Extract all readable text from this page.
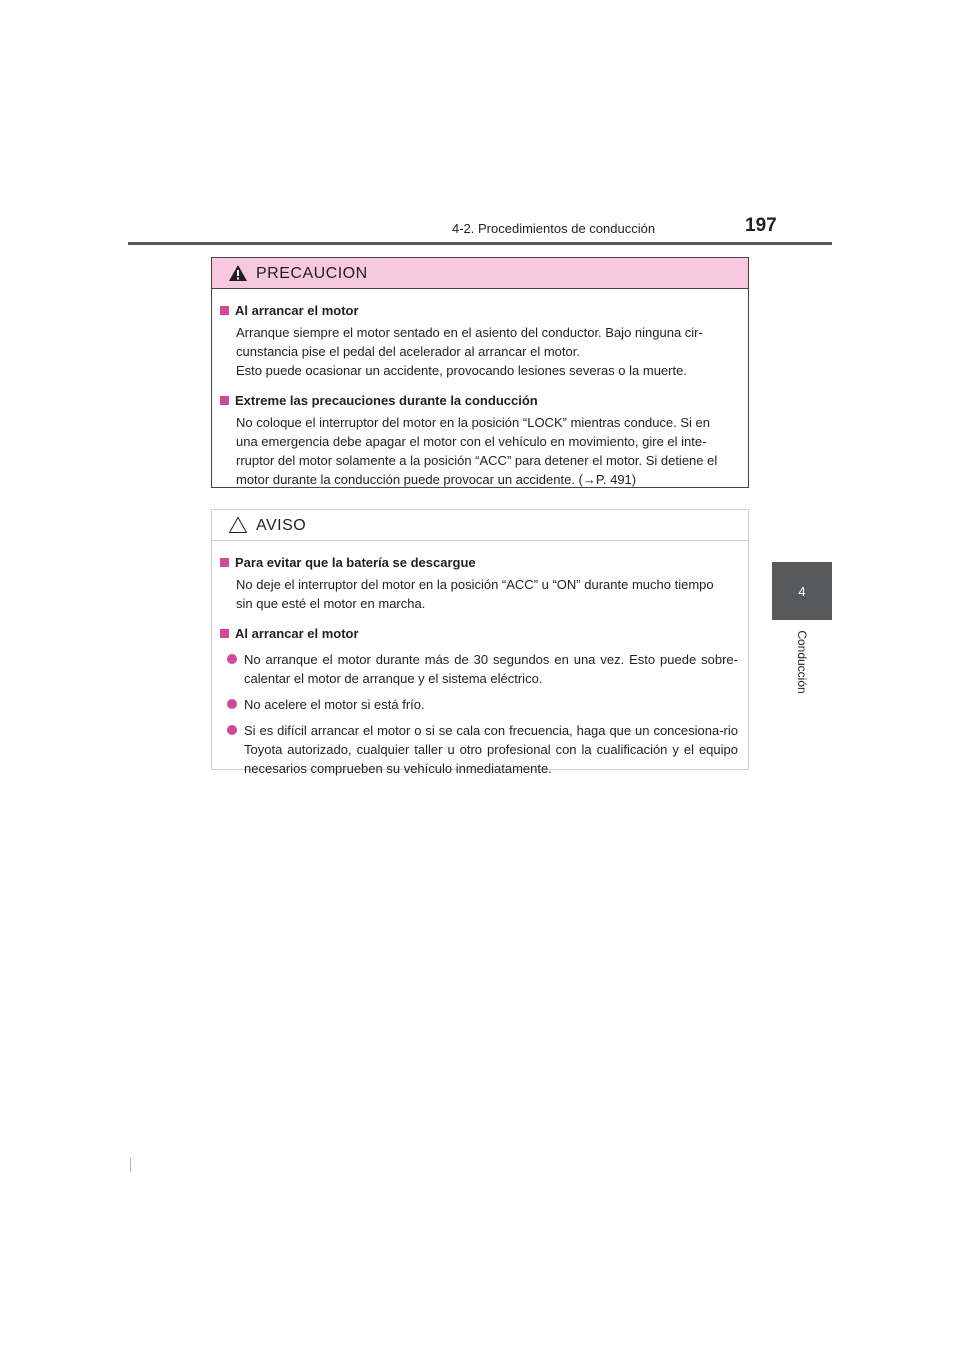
4-2. Procedimientos de conducción	197
4
Conducción
PRECAUCION
Al arrancar el motor
Arranque siempre el motor sentado en el asiento del conductor. Bajo ninguna cir-
cunstancia pise el pedal del acelerador al arrancar el motor.
Esto puede ocasionar un accidente, provocando lesiones severas o la muerte.
Extreme las precauciones durante la conducción
No coloque el interruptor del motor en la posición “LOCK” mientras conduce. Si en
una emergencia debe apagar el motor con el vehículo en movimiento, gire el inte-
rruptor del motor solamente a la posición “ACC” para detener el motor. Si detiene el
motor durante la conducción puede provocar un accidente. (→P. 491)
AVISO
Para evitar que la batería se descargue
No deje el interruptor del motor en la posición “ACC” u “ON” durante mucho tiempo
sin que esté el motor en marcha.
Al arrancar el motor
No arranque el motor durante más de 30 segundos en una vez. Esto puede sobre-calentar el motor de arranque y el sistema eléctrico.
No acelere el motor si está frío.
Si es difícil arrancar el motor o si se cala con frecuencia, haga que un concesiona-rio Toyota autorizado, cualquier taller u otro profesional con la cualificación y el equipo necesarios comprueben su vehículo inmediatamente.
